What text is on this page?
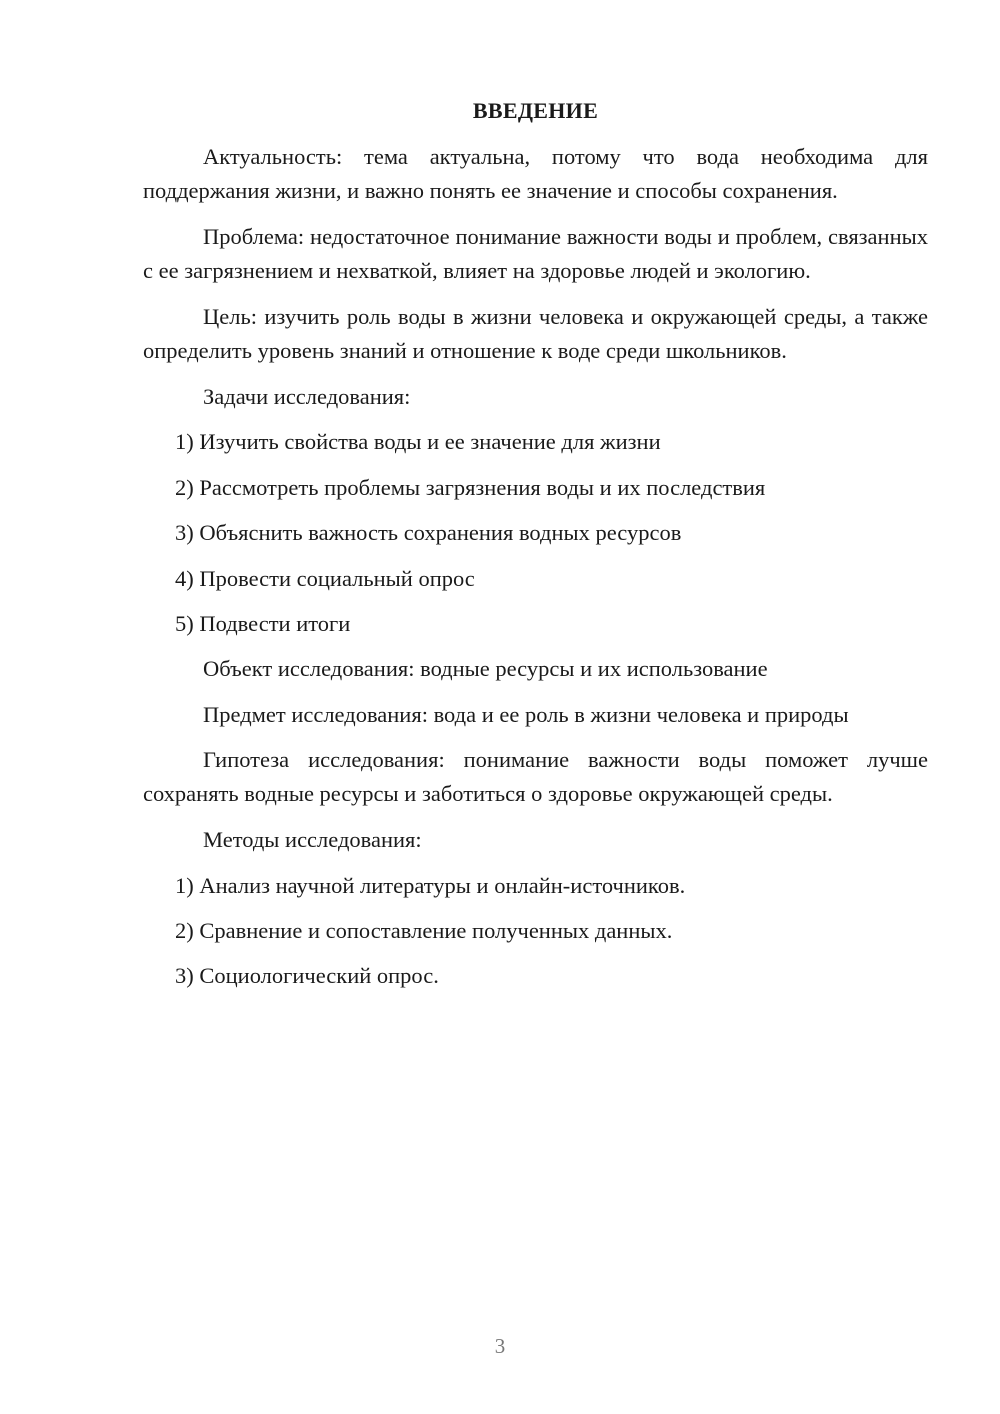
ВВЕДЕНИЕ

Актуальность: тема актуальна, потому что вода необходима для поддержания жизни, и важно понять ее значение и способы сохранения.

Проблема: недостаточное понимание важности воды и проблем, связанных с ее загрязнением и нехваткой, влияет на здоровье людей и экологию.

Цель: изучить роль воды в жизни человека и окружающей среды, а также определить уровень знаний и отношение к воде среди школьников.

Задачи исследования:
1) Изучить свойства воды и ее значение для жизни
2) Рассмотреть проблемы загрязнения воды и их последствия
3) Объяснить важность сохранения водных ресурсов
4) Провести социальный опрос
5) Подвести итоги
Объект исследования: водные ресурсы и их использование
Предмет исследования: вода и ее роль в жизни человека и природы

Гипотеза исследования: понимание важности воды поможет лучше сохранять водные ресурсы и заботиться о здоровье окружающей среды.

Методы исследования:
1) Анализ научной литературы и онлайн-источников.
2) Сравнение и сопоставление полученных данных.
3) Социологический опрос.
3
